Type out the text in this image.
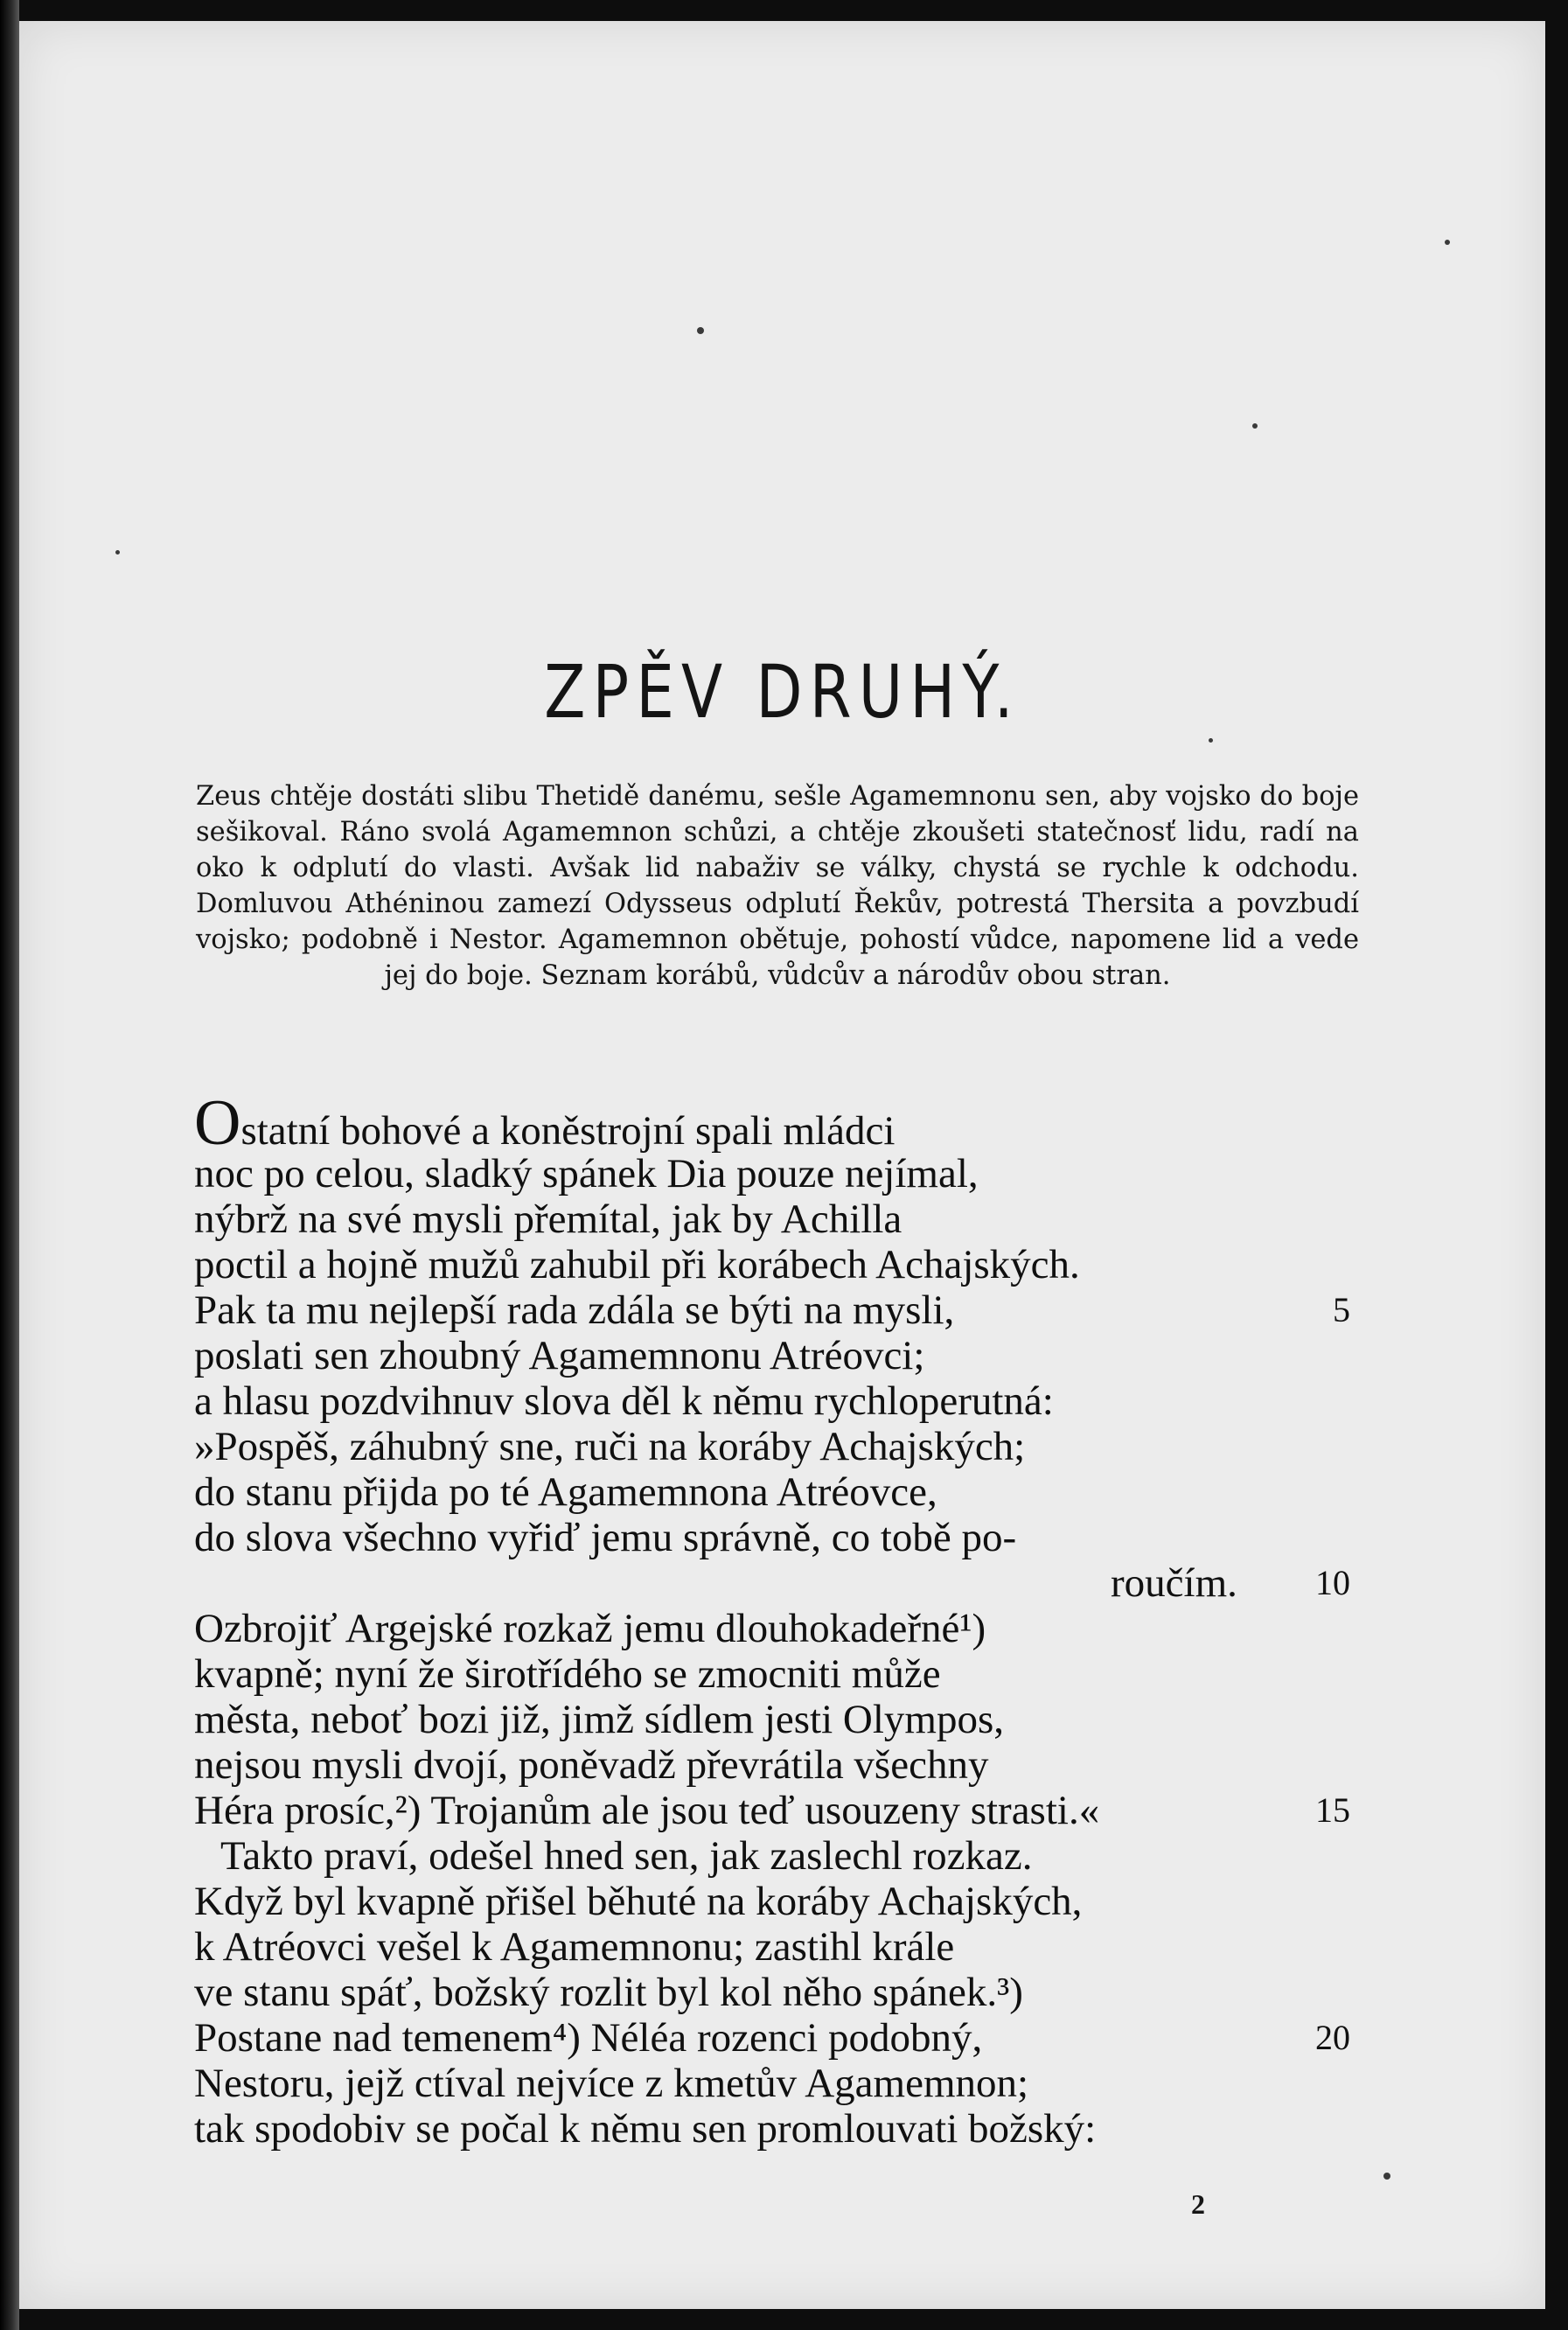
ZPĚV DRUHÝ.
Zeus chtěje dostáti slibu Thetidě danému, sešle Agamemnonu sen, aby vojsko do boje sešikoval. Ráno svolá Agamemnon schůzi, a chtěje zkoušeti statečnosť lidu, radí na oko k odplutí do vlasti. Avšak lid nabaživ se války, chystá se rychle k odchodu. Domluvou Athéninou zamezí Odysseus odplutí Řekův, potrestá Thersita a povzbudí vojsko; podobně i Nestor. Agamemnon obětuje, pohostí vůdce, napomene lid a vede jej do boje. Seznam korábů, vůdcův a národův obou stran.
Ostatní bohové a koněstrojní spali mládci
noc po celou, sladký spánek Dia pouze nejímal,
nýbrž na své mysli přemítal, jak by Achilla
poctil a hojně mužů zahubil při korábech Achajských.
Pak ta mu nejlepší rada zdála se býti na mysli,	5
poslati sen zhoubný Agamemnonu Atréovci;
a hlasu pozdvihnuv slova děl k němu rychloperutná:
»Pospěš, záhubný sne, ruči na koráby Achajských;
do stanu přijda po té Agamemnona Atréovce,
do slova všechno vyřiď jemu správně, co tobě po-
roučím.	10
Ozbrojiť Argejské rozkaž jemu dlouhokadeřné¹)
kvapně; nyní že širotřídého se zmocniti může
města, neboť bozi již, jimž sídlem jesti Olympos,
nejsou mysli dvojí, poněvadž převrátila všechny
Héra prosíc,²) Trojanům ale jsou teď usouzeny strasti.«	15
Takto praví, odešel hned sen, jak zaslechl rozkaz.
Když byl kvapně přišel běhuté na koráby Achajských,
k Atréovci vešel k Agamemnonu; zastihl krále
ve stanu spáť, božský rozlit byl kol něho spánek.³)
Postane nad temenem⁴) Néléa rozenci podobný,	20
Nestoru, jejž ctíval nejvíce z kmetův Agamemnon;
tak spodobiv se počal k němu sen promlouvati božský:
2
